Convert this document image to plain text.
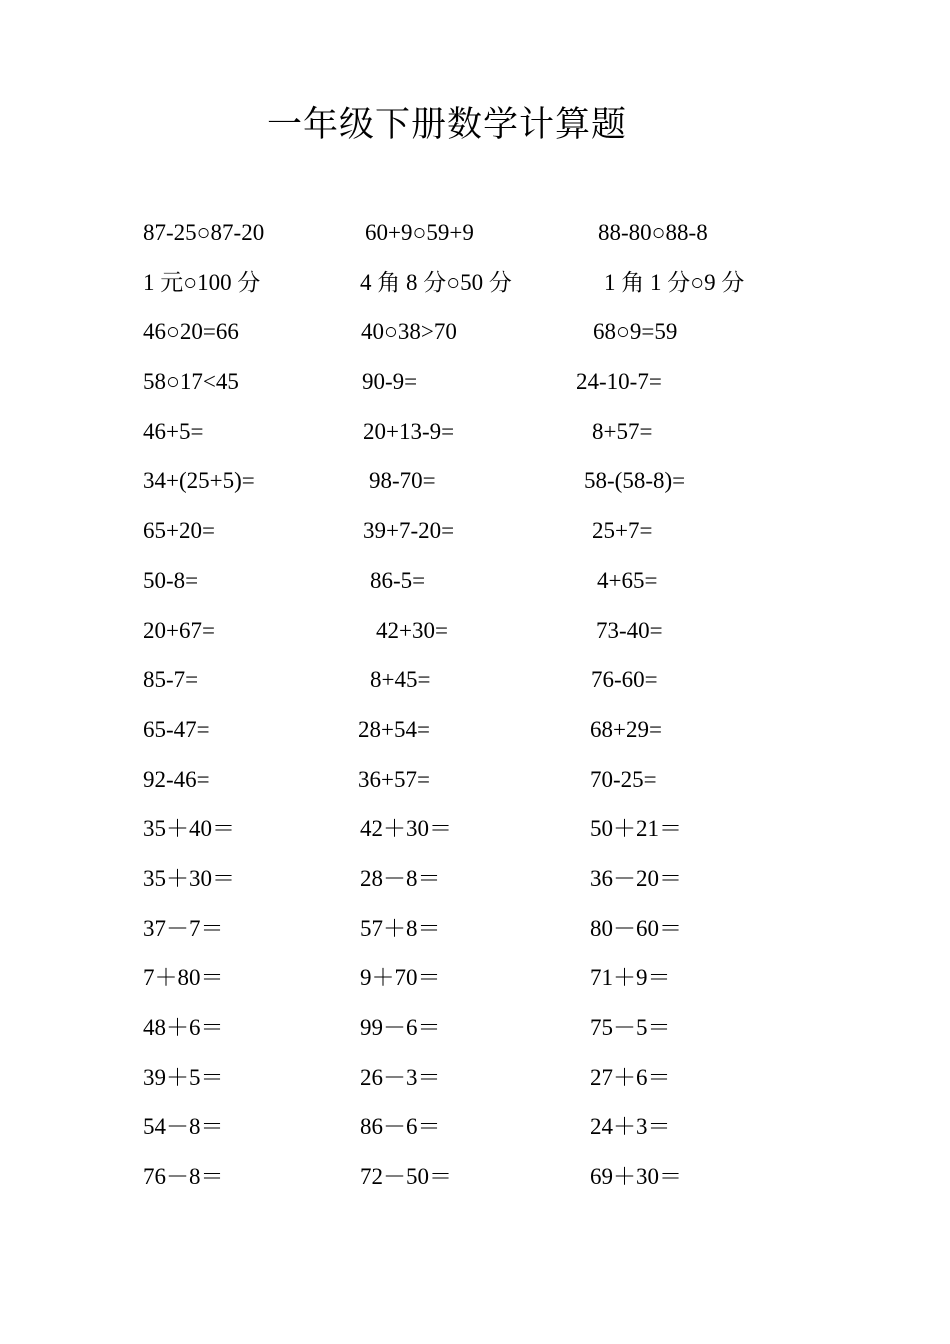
一年级下册数学计算题
87-25○87-20	60+9○59+9	88-80○88-8
1 元○100 分	4 角 8 分○50 分	1 角 1 分○9 分
46○20=66	40○38>70	68○9=59
58○17<45	90-9=	24-10-7=
46+5=	20+13-9=	8+57=
34+(25+5)=	98-70=	58-(58-8)=
65+20=	39+7-20=	25+7=
50-8=	86-5=	4+65=
20+67=	42+30=	73-40=
85-7=	8+45=	76-60=
65-47=	28+54=	68+29=
92-46=	36+57=	70-25=
35＋40＝	42＋30＝	50＋21＝
35＋30＝	28－8＝	36－20＝
37－7＝	57＋8＝	80－60＝
7＋80＝	9＋70＝	71＋9＝
48＋6＝	99－6＝	75－5＝
39＋5＝	26－3＝	27＋6＝
54－8＝	86－6＝	24＋3＝
76－8＝	72－50＝	69＋30＝
